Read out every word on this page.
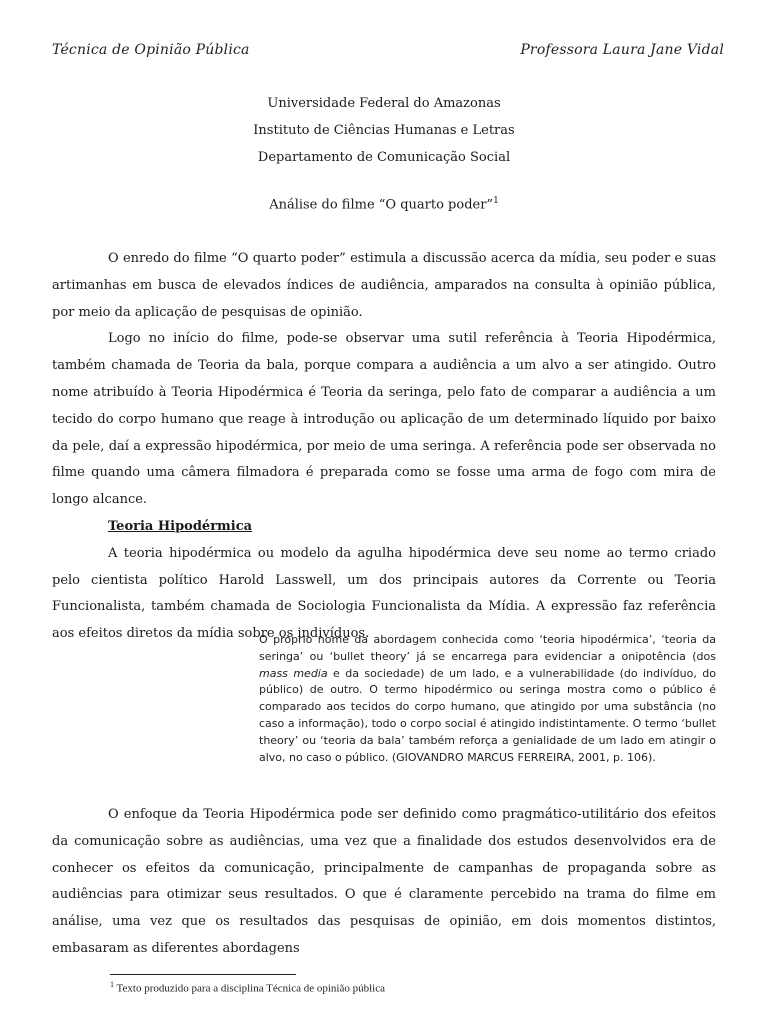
Técnica de Opinião Pública	Professora Laura Jane Vidal
Universidade Federal do Amazonas
Instituto de Ciências Humanas e Letras
Departamento de Comunicação Social
Análise do filme “O quarto poder”$^1$

O enredo do filme “O quarto poder” estimula a discussão acerca da mídia, seu poder e suas artimanhas em busca de elevados índices de audiência, amparados na consulta à opinião pública, por meio da aplicação de pesquisas de opinião.

Logo no início do filme, pode-se observar uma sutil referência à Teoria Hipodérmica, também chamada de Teoria da bala, porque compara a audiência a um alvo a ser atingido. Outro nome atribuído à Teoria Hipodérmica é Teoria da seringa, pelo fato de comparar a audiência a um tecido do corpo humano que reage à introdução ou aplicação de um determinado líquido por baixo da pele, daí a expressão hipodérmica, por meio de uma seringa. A referência pode ser observada no filme quando uma câmera filmadora é preparada como se fosse uma arma de fogo com mira de longo alcance.

Teoria Hipodérmica

A teoria hipodérmica ou modelo da agulha hipodérmica deve seu nome ao termo criado pelo cientista político Harold Lasswell, um dos principais autores da Corrente ou Teoria Funcionalista, também chamada de Sociologia Funcionalista da Mídia. A expressão faz referência aos efeitos diretos da mídia sobre os indivíduos.

O próprio nome da abordagem conhecida como ‘teoria hipodérmica’, ‘teoria da seringa’ ou ‘bullet theory’ já se encarrega para evidenciar a onipotência (dos mass media e da sociedade) de um lado, e a vulnerabilidade (do indivíduo, do público) de outro. O termo hipodérmico ou seringa mostra como o público é comparado aos tecidos do corpo humano, que atingido por uma substância (no caso a informação), todo o corpo social é atingido indistintamente. O termo ‘bullet theory’ ou ‘teoria da bala’ também reforça a genialidade de um lado em atingir o alvo, no caso o público. (GIOVANDRO MARCUS FERREIRA, 2001, p. 106).

O enfoque da Teoria Hipodérmica pode ser definido como pragmático-utilitário dos efeitos da comunicação sobre as audiências, uma vez que a finalidade dos estudos desenvolvidos era de conhecer os efeitos da comunicação, principalmente de campanhas de propaganda sobre as audiências para otimizar seus resultados. O que é claramente percebido na trama do filme em análise, uma vez que os resultados das pesquisas de opinião, em dois momentos distintos, embasaram as diferentes abordagens

$^1$ Texto produzido para a disciplina Técnica de opinião pública
